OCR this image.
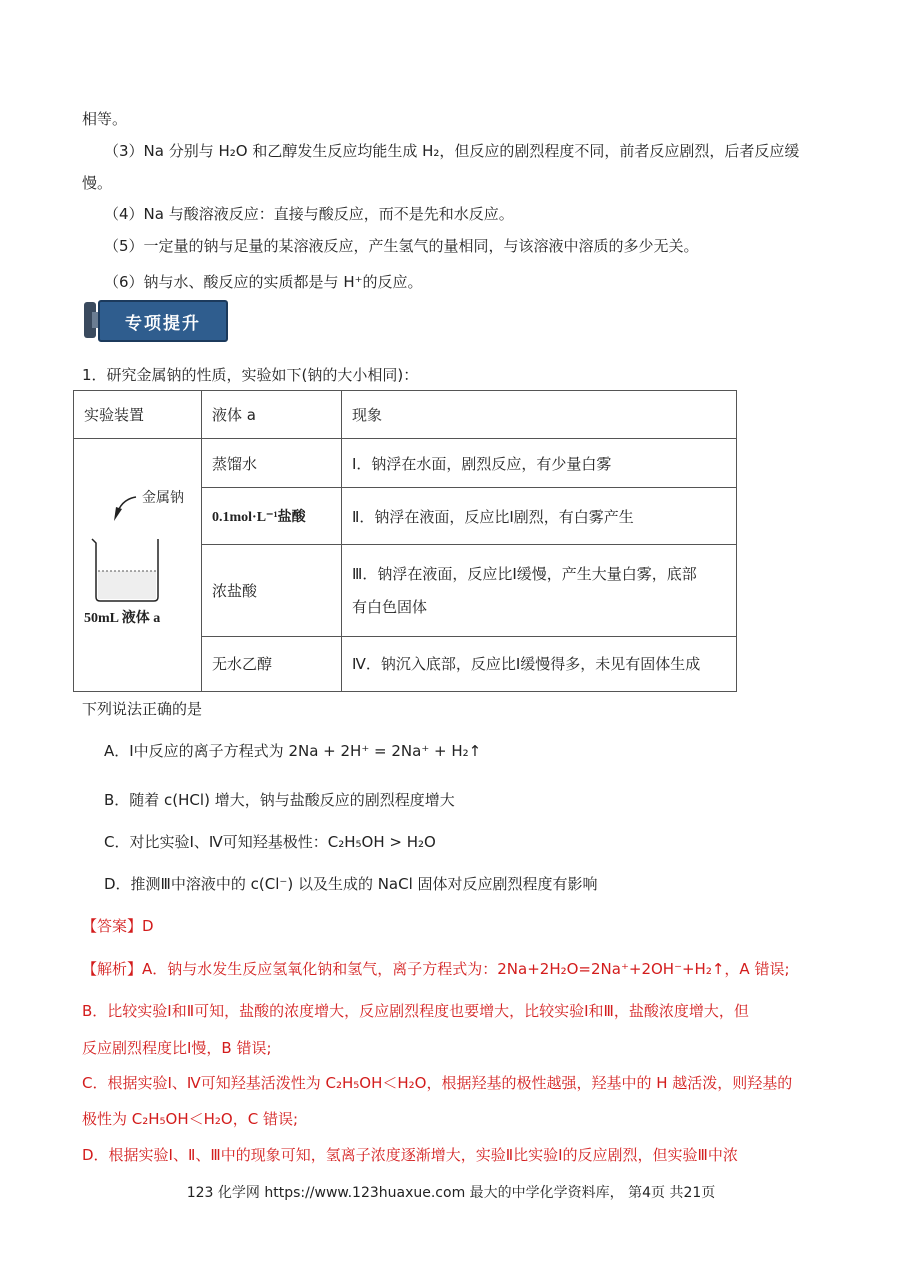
相等。
（3）Na 分别与 H₂O 和乙醇发生反应均能生成 H₂，但反应的剧烈程度不同，前者反应剧烈，后者反应缓
慢。
（4）Na 与酸溶液反应：直接与酸反应，而不是先和水反应。
（5）一定量的钠与足量的某溶液反应，产生氢气的量相同，与该溶液中溶质的多少无关。
（6）钠与水、酸反应的实质都是与 H⁺的反应。
专项提升
1．研究金属钠的性质，实验如下(钠的大小相同)：
实验装置	液体 a	现象

金属钠
50mL 液体 a	蒸馏水	Ⅰ．钠浮在水面，剧烈反应，有少量白雾
	0.1mol·L⁻¹盐酸	Ⅱ．钠浮在液面，反应比Ⅰ剧烈，有白雾产生
	浓盐酸	Ⅲ．钠浮在液面，反应比Ⅰ缓慢，产生大量白雾，底部
有白色固体

	无水乙醇	Ⅳ．钠沉入底部，反应比Ⅰ缓慢得多，未见有固体生成
下列说法正确的是
A．Ⅰ中反应的离子方程式为 2Na + 2H⁺ = 2Na⁺ + H₂↑
B．随着 c(HCl) 增大，钠与盐酸反应的剧烈程度增大
C．对比实验Ⅰ、Ⅳ可知羟基极性：C₂H₅OH > H₂O
D．推测Ⅲ中溶液中的 c(Cl⁻) 以及生成的 NaCl 固体对反应剧烈程度有影响
【答案】D
【解析】A．钠与水发生反应氢氧化钠和氢气，离子方程式为：2Na+2H₂O=2Na⁺+2OH⁻+H₂↑，A 错误;
B．比较实验Ⅰ和Ⅱ可知，盐酸的浓度增大，反应剧烈程度也要增大，比较实验Ⅰ和Ⅲ，盐酸浓度增大，但
反应剧烈程度比Ⅰ慢，B 错误;
C．根据实验Ⅰ、Ⅳ可知羟基活泼性为 C₂H₅OH＜H₂O，根据羟基的极性越强，羟基中的 H 越活泼，则羟基的
极性为 C₂H₅OH＜H₂O，C 错误;
D．根据实验Ⅰ、Ⅱ、Ⅲ中的现象可知，氢离子浓度逐渐增大，实验Ⅱ比实验Ⅰ的反应剧烈，但实验Ⅲ中浓
123 化学网 https://www.123huaxue.com 最大的中学化学资料库， 第4页 共21页
